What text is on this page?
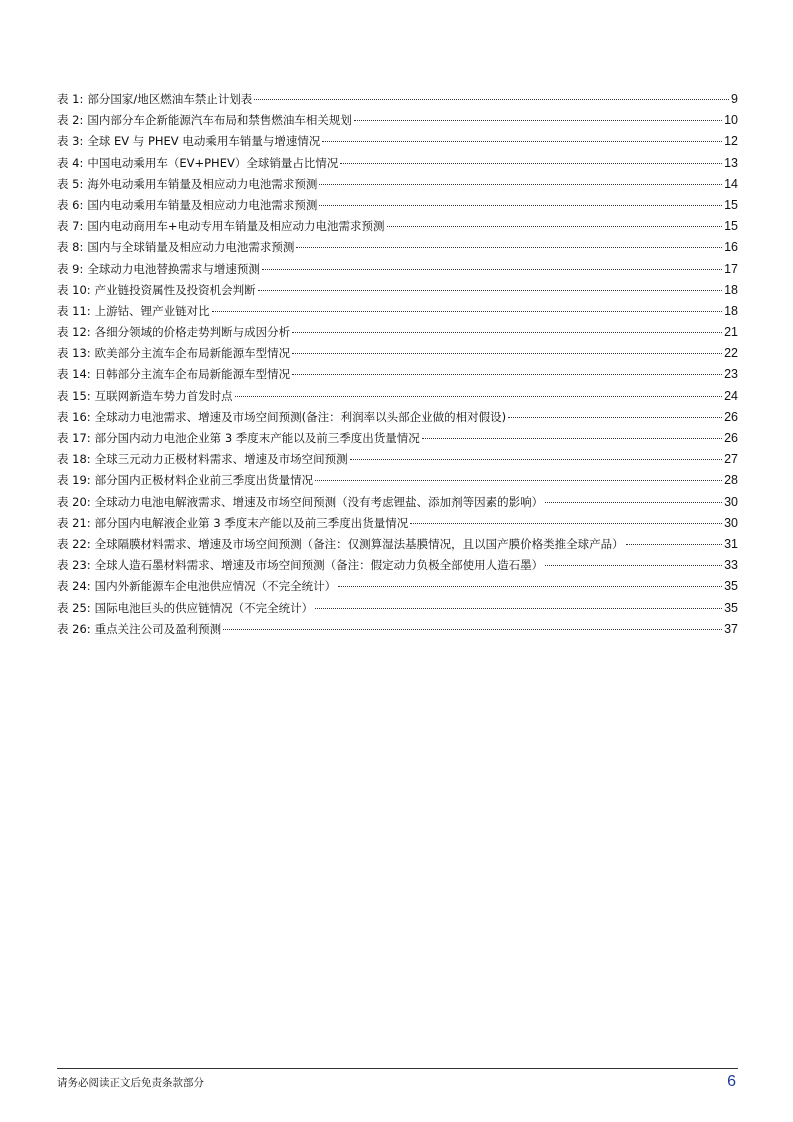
表 1: 部分国家/地区燃油车禁止计划表	9
表 2: 国内部分车企新能源汽车布局和禁售燃油车相关规划	10
表 3: 全球 EV 与 PHEV 电动乘用车销量与增速情况	12
表 4: 中国电动乘用车（EV+PHEV）全球销量占比情况	13
表 5: 海外电动乘用车销量及相应动力电池需求预测	14
表 6: 国内电动乘用车销量及相应动力电池需求预测	15
表 7: 国内电动商用车+电动专用车销量及相应动力电池需求预测	15
表 8: 国内与全球销量及相应动力电池需求预测	16
表 9: 全球动力电池替换需求与增速预测	17
表 10: 产业链投资属性及投资机会判断	18
表 11: 上游钴、锂产业链对比	18
表 12: 各细分领域的价格走势判断与成因分析	21
表 13: 欧美部分主流车企布局新能源车型情况	22
表 14: 日韩部分主流车企布局新能源车型情况	23
表 15: 互联网新造车势力首发时点	24
表 16: 全球动力电池需求、增速及市场空间预测(备注：利润率以头部企业做的相对假设)	26
表 17: 部分国内动力电池企业第 3 季度末产能以及前三季度出货量情况	26
表 18: 全球三元动力正极材料需求、增速及市场空间预测	27
表 19: 部分国内正极材料企业前三季度出货量情况	28
表 20: 全球动力电池电解液需求、增速及市场空间预测（没有考虑锂盐、添加剂等因素的影响）	30
表 21: 部分国内电解液企业第 3 季度末产能以及前三季度出货量情况	30
表 22: 全球隔膜材料需求、增速及市场空间预测（备注：仅测算湿法基膜情况，且以国产膜价格类推全球产品）	31
表 23: 全球人造石墨材料需求、增速及市场空间预测（备注：假定动力负极全部使用人造石墨）	33
表 24: 国内外新能源车企电池供应情况（不完全统计）	35
表 25: 国际电池巨头的供应链情况（不完全统计）	35
表 26: 重点关注公司及盈利预测	37
请务必阅读正文后免责条款部分	6
